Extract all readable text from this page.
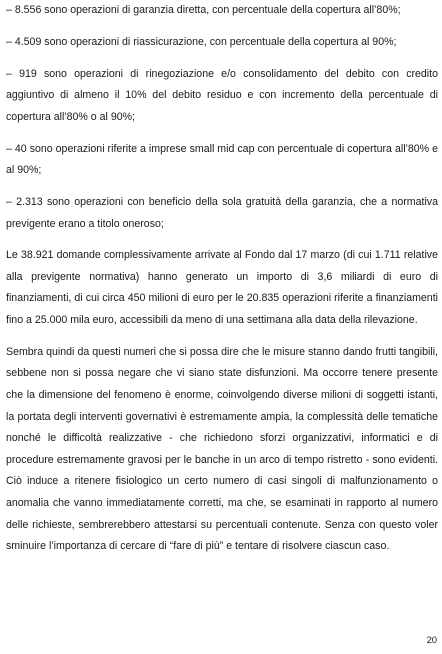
– 8.556 sono operazioni di garanzia diretta, con percentuale della copertura all’80%;

– 4.509 sono operazioni di riassicurazione, con percentuale della copertura al 90%;

– 919 sono operazioni di rinegoziazione e/o consolidamento del debito con credito aggiuntivo di almeno il 10% del debito residuo e con incremento della percentuale di copertura all’80% o al 90%;

– 40 sono operazioni riferite a imprese small mid cap con percentuale di copertura all’80% e al 90%;

– 2.313 sono operazioni con beneficio della sola gratuità della garanzia, che a normativa previgente erano a titolo oneroso;

Le 38.921 domande complessivamente arrivate al Fondo dal 17 marzo (di cui 1.711 relative alla previgente normativa) hanno generato un importo di 3,6 miliardi di euro di finanziamenti, di cui circa 450 milioni di euro per le 20.835 operazioni riferite a finanziamenti fino a 25.000 mila euro, accessibili da meno di una settimana alla data della rilevazione.

Sembra quindi da questi numeri che si possa dire che le misure stanno dando frutti tangibili, sebbene non si possa negare che vi siano state disfunzioni. Ma occorre tenere presente che la dimensione del fenomeno è enorme, coinvolgendo diverse milioni di soggetti istanti, la portata degli interventi governativi è estremamente ampia, la complessità delle tematiche nonché le difficoltà realizzative - che richiedono sforzi organizzativi, informatici e di procedure estremamente gravosi per le banche in un arco di tempo ristretto - sono evidenti. Ciò induce a ritenere fisiologico un certo numero di casi singoli di malfunzionamento o anomalia che vanno immediatamente corretti, ma che, se esaminati in rapporto al numero delle richieste, sembrerebbero attestarsi su percentuali contenute. Senza con questo voler sminuire l’importanza di cercare di “fare di più” e tentare di risolvere ciascun caso.

20
